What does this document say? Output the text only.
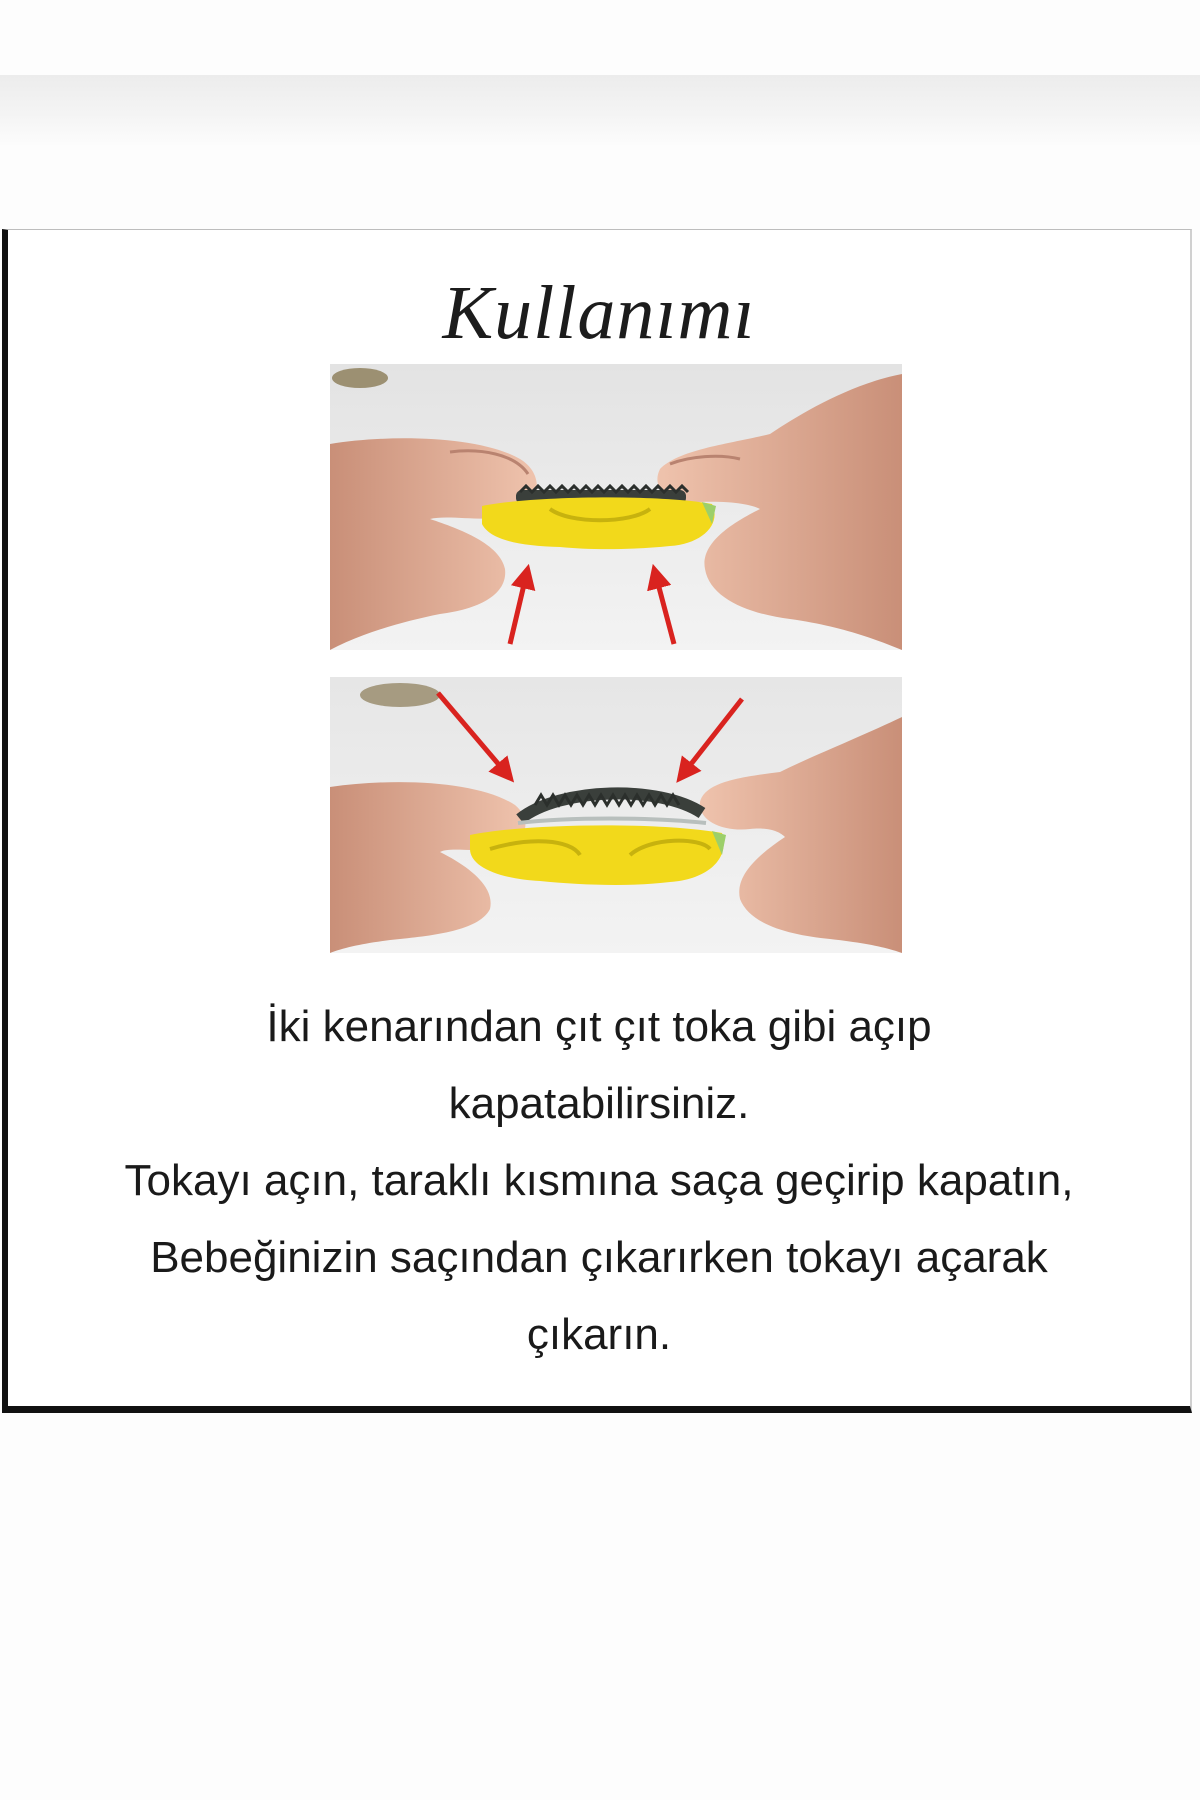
Kullanımı
İki kenarından çıt çıt toka gibi açıp
kapatabilirsiniz.
Tokayı açın, taraklı kısmına saça geçirip kapatın,
Bebeğinizin saçından çıkarırken tokayı açarak
çıkarın.
